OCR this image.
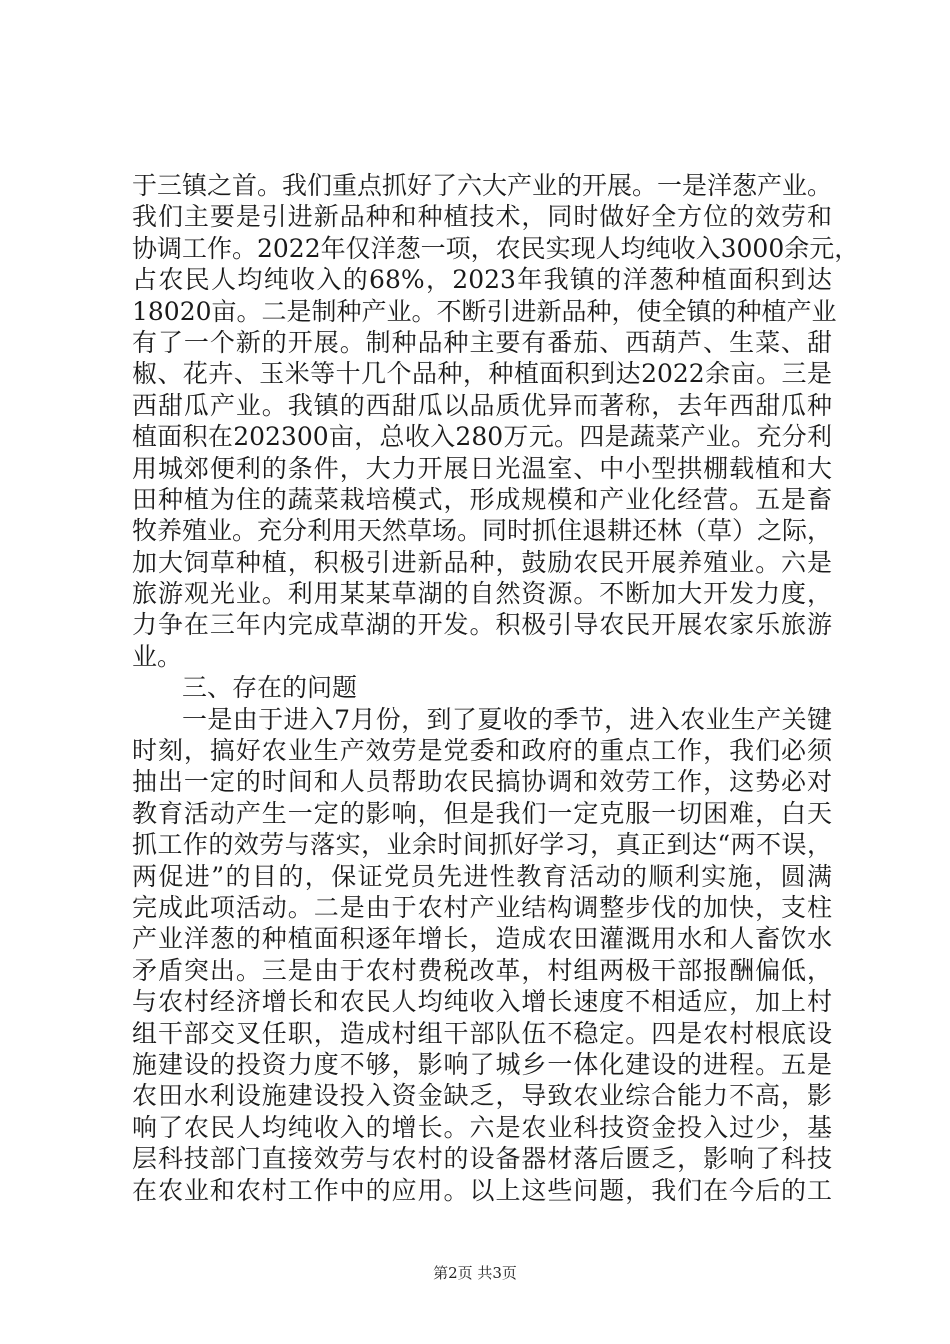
于三镇之首。我们重点抓好了六大产业的开展。一是洋葱产业。
我们主要是引进新品种和种植技术，同时做好全方位的效劳和
协调工作。2022年仅洋葱一项，农民实现人均纯收入3000余元，
占农民人均纯收入的68%，2023年我镇的洋葱种植面积到达
18020亩。二是制种产业。不断引进新品种，使全镇的种植产业
有了一个新的开展。制种品种主要有番茄、西葫芦、生菜、甜
椒、花卉、玉米等十几个品种，种植面积到达2022余亩。三是
西甜瓜产业。我镇的西甜瓜以品质优异而著称，去年西甜瓜种
植面积在202300亩，总收入280万元。四是蔬菜产业。充分利
用城郊便利的条件，大力开展日光温室、中小型拱棚载植和大
田种植为住的蔬菜栽培模式，形成规模和产业化经营。五是畜
牧养殖业。充分利用天然草场。同时抓住退耕还林（草）之际，
加大饲草种植，积极引进新品种，鼓励农民开展养殖业。六是
旅游观光业。利用某某草湖的自然资源。不断加大开发力度，
力争在三年内完成草湖的开发。积极引导农民开展农家乐旅游
业。
三、存在的问题
一是由于进入7月份，到了夏收的季节，进入农业生产关键
时刻，搞好农业生产效劳是党委和政府的重点工作，我们必须
抽出一定的时间和人员帮助农民搞协调和效劳工作，这势必对
教育活动产生一定的影响，但是我们一定克服一切困难，白天
抓工作的效劳与落实，业余时间抓好学习，真正到达“两不误，
两促进”的目的，保证党员先进性教育活动的顺利实施，圆满
完成此项活动。二是由于农村产业结构调整步伐的加快，支柱
产业洋葱的种植面积逐年增长，造成农田灌溉用水和人畜饮水
矛盾突出。三是由于农村费税改革，村组两极干部报酬偏低，
与农村经济增长和农民人均纯收入增长速度不相适应，加上村
组干部交叉任职，造成村组干部队伍不稳定。四是农村根底设
施建设的投资力度不够，影响了城乡一体化建设的进程。五是
农田水利设施建设投入资金缺乏，导致农业综合能力不高，影
响了农民人均纯收入的增长。六是农业科技资金投入过少，基
层科技部门直接效劳与农村的设备器材落后匮乏，影响了科技
在农业和农村工作中的应用。以上这些问题，我们在今后的工
第2页 共3页
